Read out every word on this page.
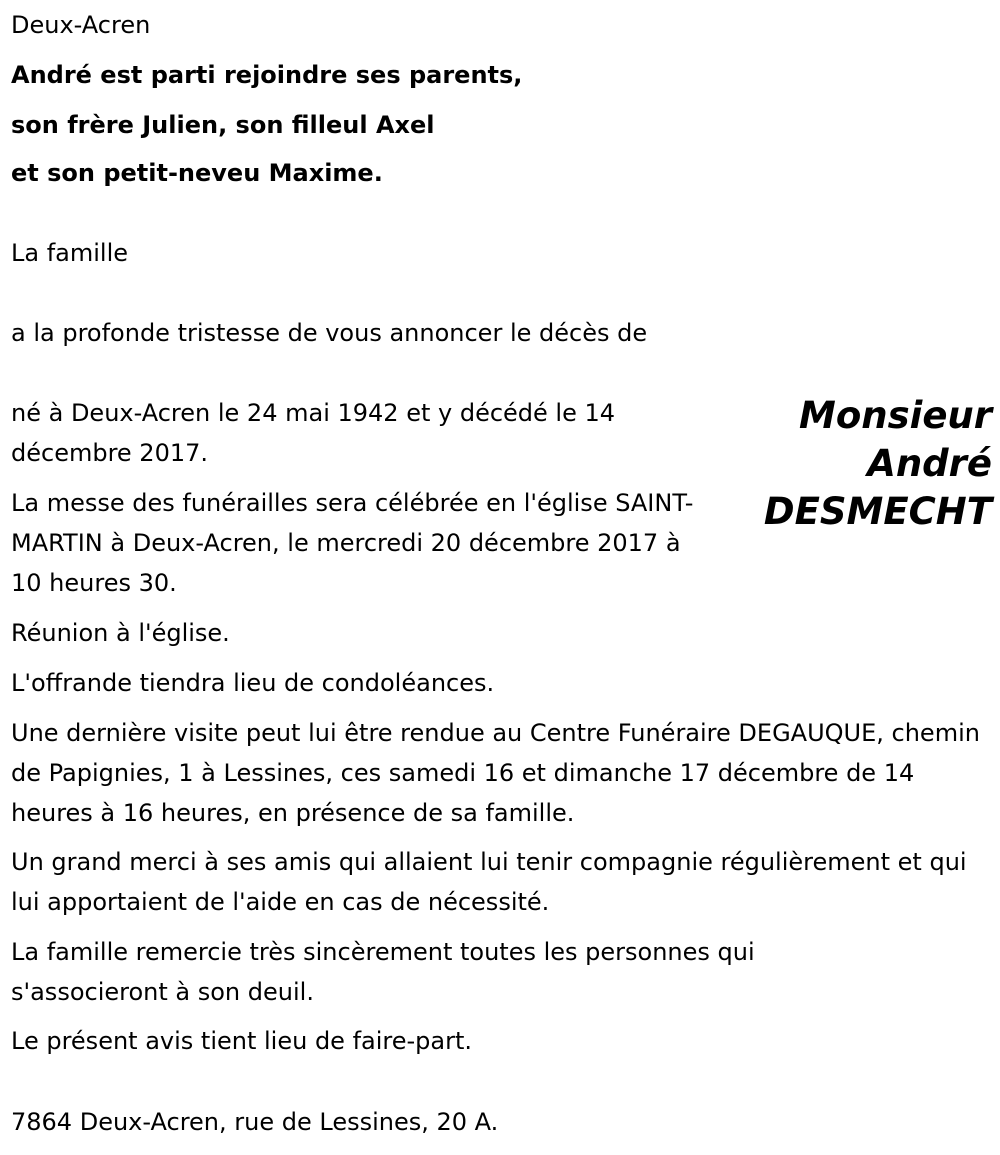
Deux-Acren

André est parti rejoindre ses parents,

son frère Julien, son filleul Axel

et son petit-neveu Maxime.

La famille

a la profonde tristesse de vous annoncer le décès de

Monsieur
André
DESMECHT

né à Deux-Acren le 24 mai 1942 et y décédé le 14 décembre 2017.

La messe des funérailles sera célébrée en l'église SAINT-MARTIN à Deux-Acren, le mercredi 20 décembre 2017 à 10 heures 30.

Réunion à l'église.

L'offrande tiendra lieu de condoléances.

Une dernière visite peut lui être rendue au Centre Funéraire DEGAUQUE, chemin de Papignies, 1 à Lessines, ces samedi 16 et dimanche 17 décembre de 14 heures à 16 heures, en présence de sa famille.

Un grand merci à ses amis qui allaient lui tenir compagnie régulièrement et qui lui apportaient de l'aide en cas de nécessité.

La famille remercie très sincèrement toutes les personnes qui s'associeront à son deuil.

Le présent avis tient lieu de faire-part.

7864 Deux-Acren, rue de Lessines, 20 A.
